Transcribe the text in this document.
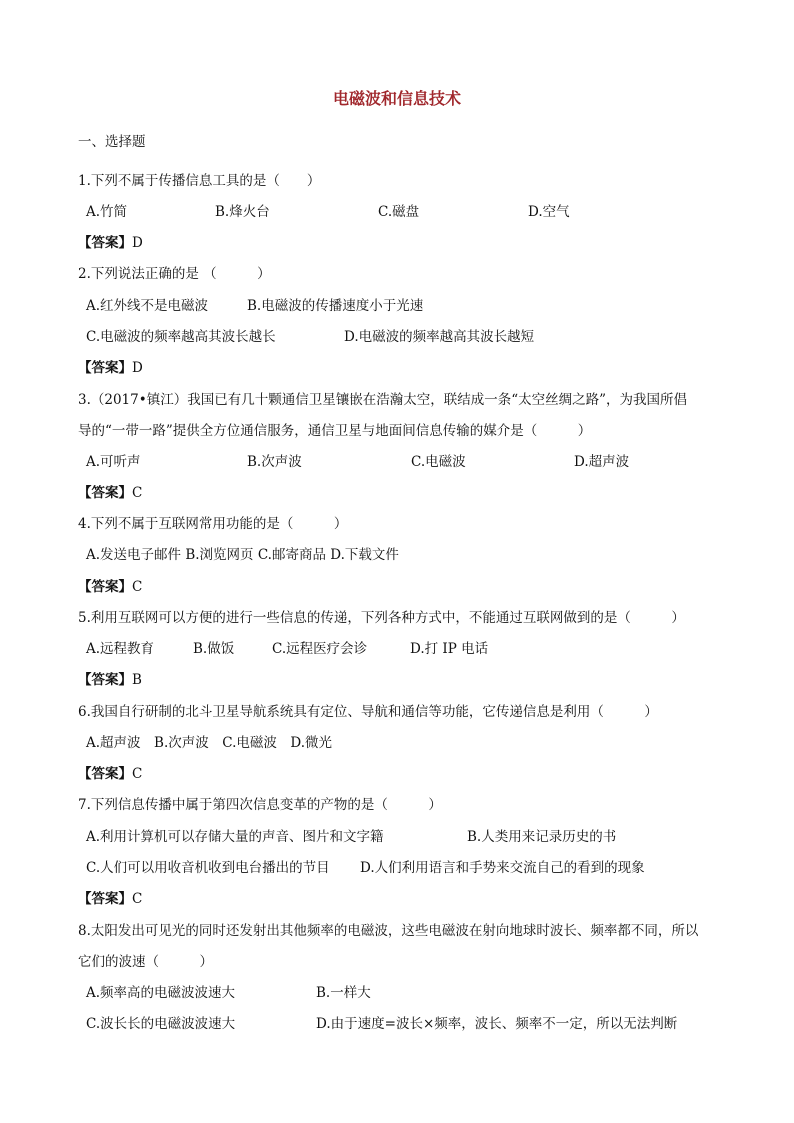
电磁波和信息技术
一、选择题
1.下列不属于传播信息工具的是（　　）
A.竹简	B.烽火台	C.磁盘	D.空气
【答案】D
2.下列说法正确的是 （　　　）
A.红外线不是电磁波	B.电磁波的传播速度小于光速
C.电磁波的频率越高其波长越长	D.电磁波的频率越高其波长越短
【答案】D
3.（2017•镇江）我国已有几十颗通信卫星镶嵌在浩瀚太空，联结成一条“太空丝绸之路”，为我国所倡
导的“一带一路”提供全方位通信服务，通信卫星与地面间信息传输的媒介是（　　　）
A.可听声	B.次声波	C.电磁波	D.超声波
【答案】C
4.下列不属于互联网常用功能的是（　　　）
A.发送电子邮件 B.浏览网页 C.邮寄商品 D.下载文件
【答案】C
5.利用互联网可以方便的进行一些信息的传递，下列各种方式中，不能通过互联网做到的是（　　　）
A.远程教育	B.做饭	C.远程医疗会诊	D.打 IP 电话
【答案】B
6.我国自行研制的北斗卫星导航系统具有定位、导航和通信等功能，它传递信息是利用（　　　）
A.超声波　B.次声波　C.电磁波　D.微光
【答案】C
7.下列信息传播中属于第四次信息变革的产物的是（　　　）
A.利用计算机可以存储大量的声音、图片和文字籍	B.人类用来记录历史的书
C.人们可以用收音机收到电台播出的节目 D.人们利用语言和手势来交流自己的看到的现象
【答案】C
8.太阳发出可见光的同时还发射出其他频率的电磁波，这些电磁波在射向地球时波长、频率都不同，所以
它们的波速（　　　）
A.频率高的电磁波波速大	B.一样大
C.波长长的电磁波波速大	D.由于速度=波长×频率，波长、频率不一定，所以无法判断
